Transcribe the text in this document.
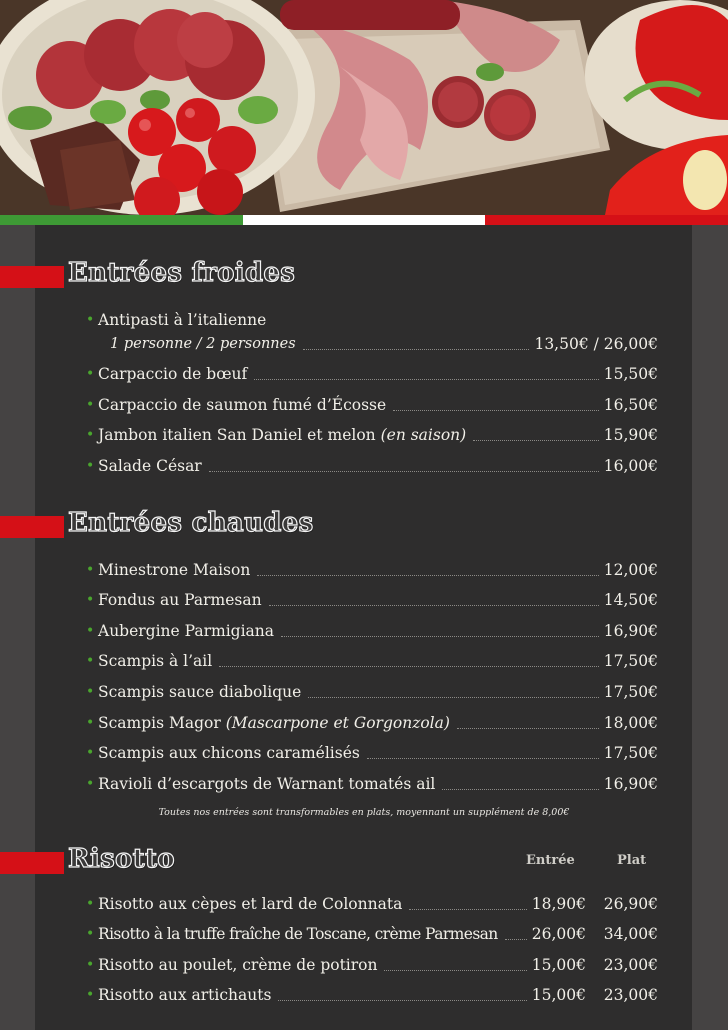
Entrées froides
• Antipasti à l’italienne
1 personne / 2 personnes	13,50€ / 26,00€
• Carpaccio de bœuf	15,50€
• Carpaccio de saumon fumé d’Écosse	16,50€
• Jambon italien San Daniel et melon (en saison)	15,90€
• Salade César	16,00€
Entrées chaudes
• Minestrone Maison	12,00€
• Fondus au Parmesan	14,50€
• Aubergine Parmigiana	16,90€
• Scampis à l’ail	17,50€
• Scampis sauce diabolique	17,50€
• Scampis Magor (Mascarpone et Gorgonzola)	18,00€
• Scampis aux chicons caramélisés	17,50€
• Ravioli d’escargots de Warnant tomatés ail	16,90€
Toutes nos entrées sont transformables en plats, moyennant un supplément de 8,00€
Risotto	Entrée	Plat
• Risotto aux cèpes et lard de Colonnata	18,90€	26,90€
• Risotto à la truffe fraîche de Toscane, crème Parmesan 26,00€	34,00€
• Risotto au poulet, crème de potiron	15,00€	23,00€
• Risotto aux artichauts	15,00€	23,00€
